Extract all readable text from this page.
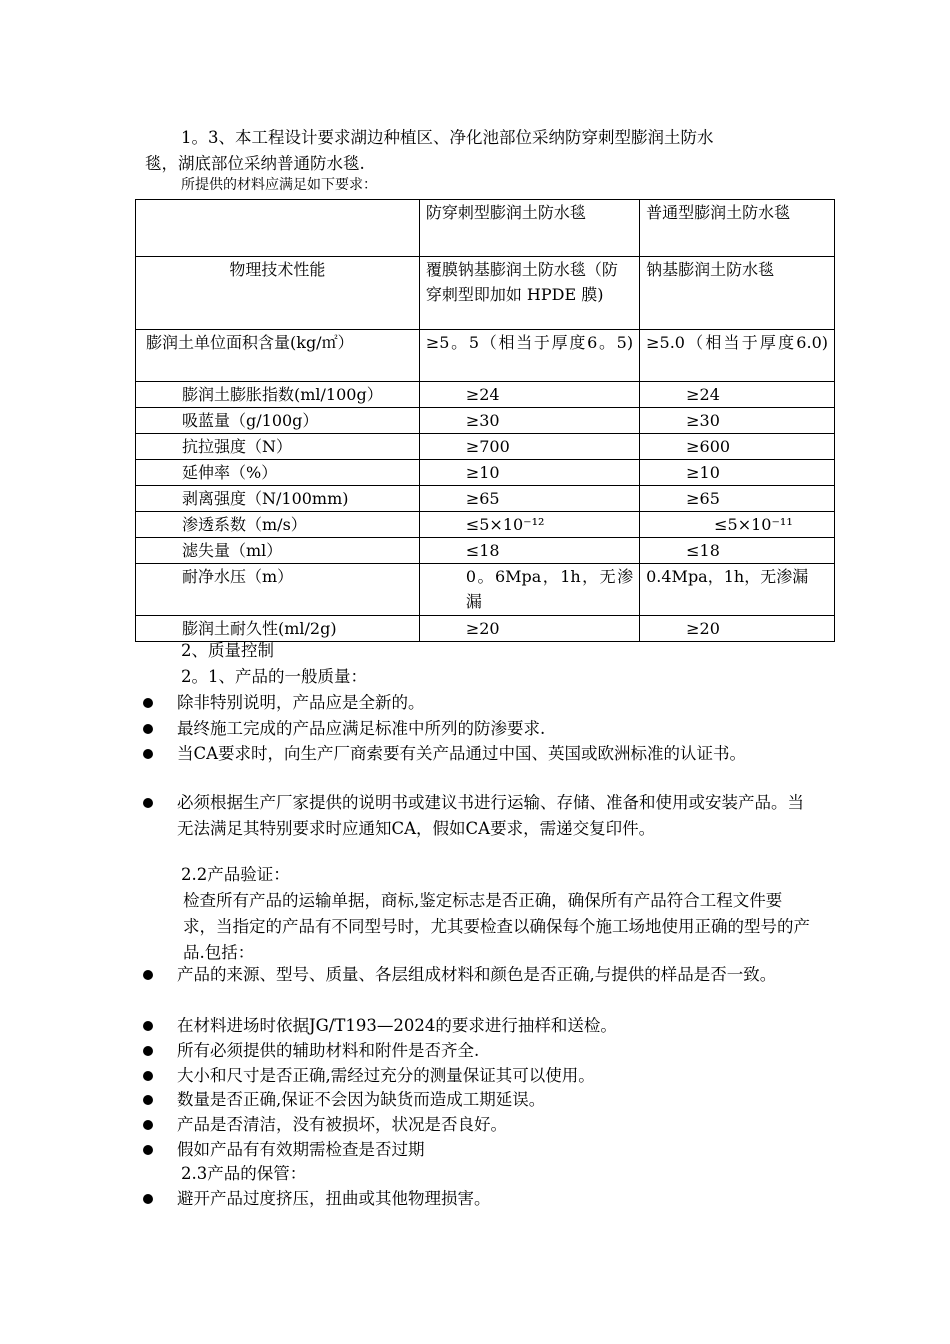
1。3、本工程设计要求湖边种植区、净化池部位采纳防穿刺型膨润土防水
毯，湖底部位采纳普通防水毯.
所提供的材料应满足如下要求：
	防穿刺型膨润土防水毯	普通型膨润土防水毯
物理技术性能	覆膜钠基膨润土防水毯（防穿刺型即加如 HPDE 膜)	钠基膨润土防水毯
膨润土单位面积含量(kg/㎡）	≥5。5（相当于厚度6。5)	≥5.0（相当于厚度6.0)
膨润土膨胀指数(ml/100g）	≥24	≥24
吸蓝量（g/100g）	≥30	≥30
抗拉强度（N）	≥700	≥600
延伸率（%）	≥10	≥10
剥离强度（N/100mm)	≥65	≥65
渗透系数（m/s）	≤5×10⁻¹²	≤5×10⁻¹¹
滤失量（ml）	≤18	≤18
耐净水压（m）	0。6Mpa，1h，无渗漏	0.4Mpa，1h，无渗漏
膨润土耐久性(ml/2g)	≥20	≥20
2、质量控制
2。1、产品的一般质量：
除非特别说明，产品应是全新的。
最终施工完成的产品应满足标准中所列的防渗要求.
当CA要求时，向生产厂商索要有关产品通过中国、英国或欧洲标准的认证书。
必须根据生产厂家提供的说明书或建议书进行运输、存储、准备和使用或安装产品。当无法满足其特别要求时应通知CA，假如CA要求，需递交复印件。
2.2产品验证：
检查所有产品的运输单据，商标,鉴定标志是否正确，确保所有产品符合工程文件要求，当指定的产品有不同型号时，尤其要检查以确保每个施工场地使用正确的型号的产品.包括：
产品的来源、型号、质量、各层组成材料和颜色是否正确,与提供的样品是否一致。
在材料进场时依据JG/T193—2024的要求进行抽样和送检。
所有必须提供的辅助材料和附件是否齐全.
大小和尺寸是否正确,需经过充分的测量保证其可以使用。
数量是否正确,保证不会因为缺货而造成工期延误。
产品是否清洁，没有被损坏，状况是否良好。
假如产品有有效期需检查是否过期
2.3产品的保管：
避开产品过度挤压，扭曲或其他物理损害。
